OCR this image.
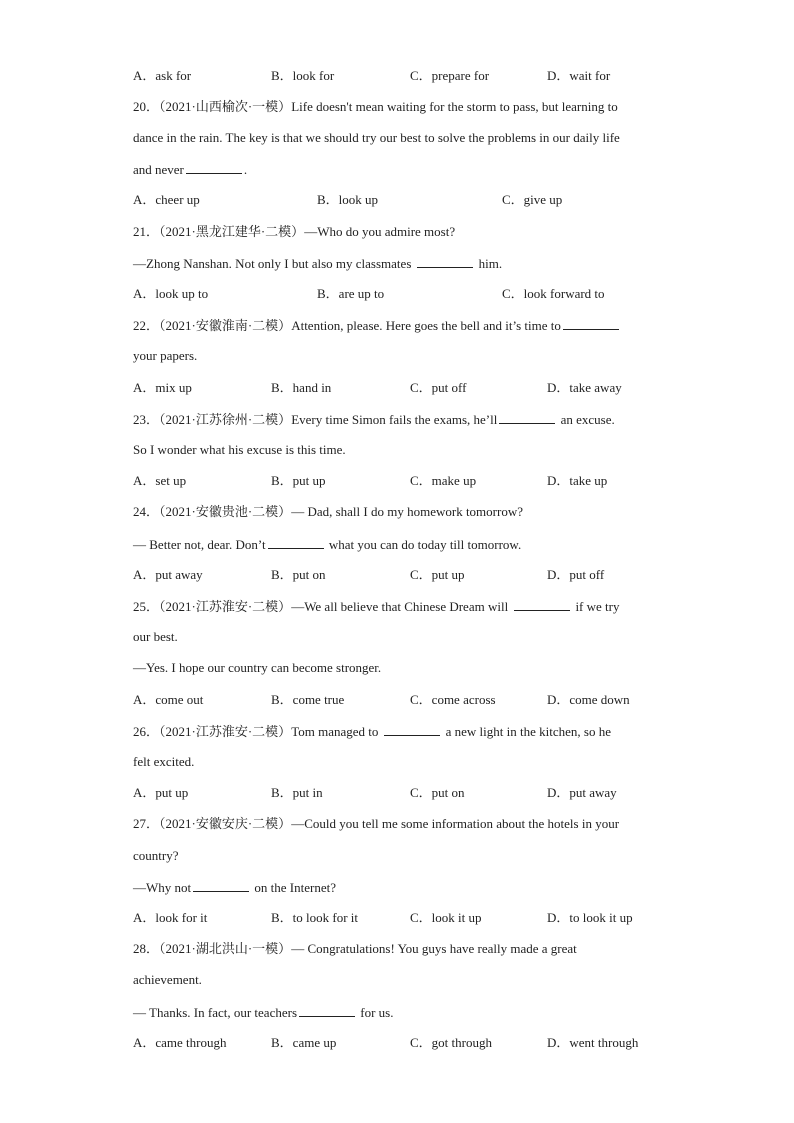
A．ask for	B．look for	C．prepare for	D．wait for
20．（2021·山西榆次·一模）Life doesn't mean waiting for the storm to pass, but learning to
dance in the rain. The key is that we should try our best to solve the problems in our daily life
and never	.
A．cheer up	B．look up	C．give up
21．（2021·黑龙江建华·二模）—Who do you admire most?
—Zhong Nanshan. Not only I but also my classmates	him.
A．look up to	B．are up to	C．look forward to
22．（2021·安徽淮南·二模）Attention, please. Here goes the bell and it’s time to
your papers.
A．mix up	B．hand in	C．put off	D．take away
23．（2021·江苏徐州·二模）Every time Simon fails the exams, he’ll	an excuse.
So I wonder what his excuse is this time.
A．set up	B．put up	C．make up	D．take up
24．（2021·安徽贵池·二模）— Dad, shall I do my homework tomorrow?
— Better not, dear. Don’t	what you can do today till tomorrow.
A．put away	B．put on	C．put up	D．put off
25．（2021·江苏淮安·二模）—We all believe that Chinese Dream will	if we try
our best.
—Yes. I hope our country can become stronger.
A．come out	B．come true	C．come across	D．come down
26．（2021·江苏淮安·二模）Tom managed to	a new light in the kitchen, so he
felt excited.
A．put up	B．put in	C．put on	D．put away
27．（2021·安徽安庆·二模）—Could you tell me some information about the hotels in your
country?
—Why not	on the Internet?
A．look for it	B．to look for it	C．look it up	D．to look it up
28．（2021·湖北洪山·一模）— Congratulations! You guys have really made a great
achievement.
— Thanks. In fact, our teachers	for us.
A．came through	B．came up	C．got through	D．went through
